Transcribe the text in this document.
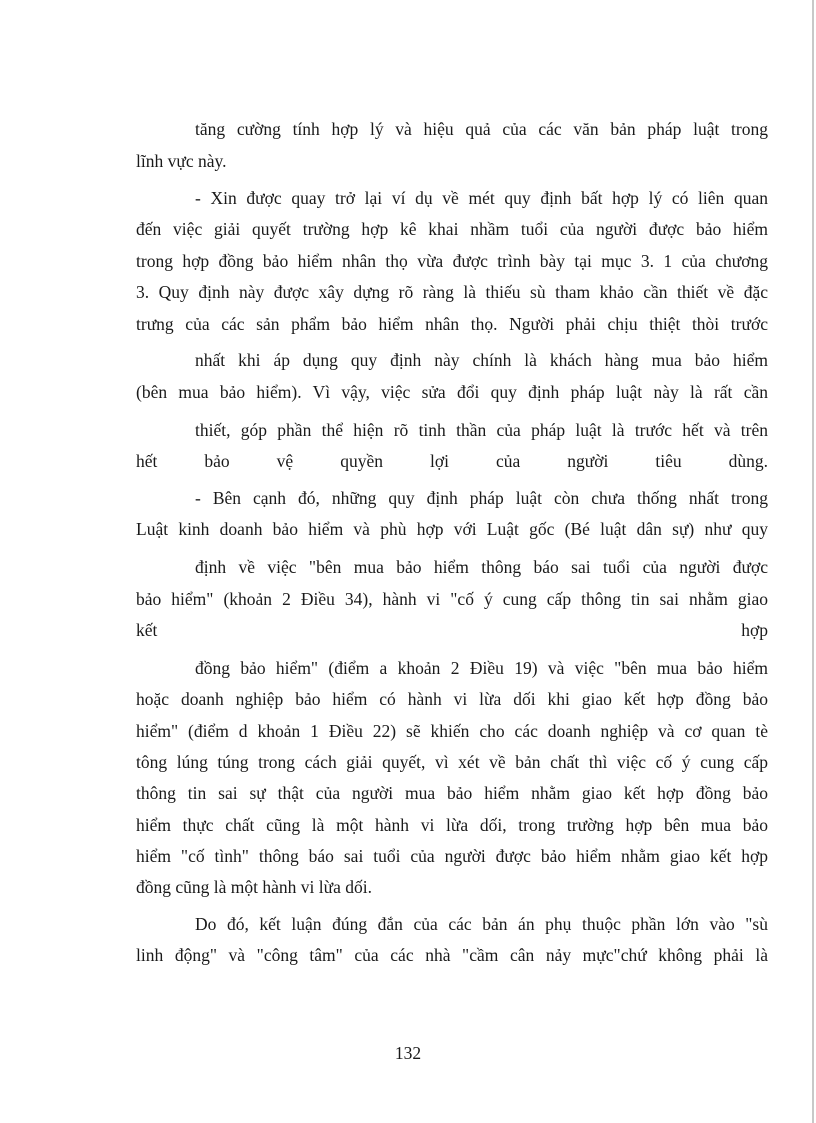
tăng cường tính hợp lý và hiệu quả của các văn bản pháp luật trong
lĩnh vực này.
- Xin được quay trở lại ví dụ về mét quy định bất hợp lý có liên quan
đến việc giải quyết trường hợp kê khai nhầm tuổi của người được bảo hiểm
trong hợp đồng bảo hiểm nhân thọ vừa được trình bày tại mục 3. 1 của chương
3. Quy định này được xây dựng rõ ràng là thiếu sù tham khảo cần thiết về đặc
trưng của các sản phẩm bảo hiểm nhân thọ. Người phải chịu thiệt thòi trước
nhất khi áp dụng quy định này chính là khách hàng mua bảo hiểm
(bên mua bảo hiểm). Vì vậy, việc sửa đổi quy định pháp luật này là rất cần
thiết, góp phần thể hiện rõ tinh thần của pháp luật là trước hết và trên
hết bảo vệ quyền lợi của người tiêu dùng.
- Bên cạnh đó, những quy định pháp luật còn chưa thống nhất trong
Luật kinh doanh bảo hiểm và phù hợp với Luật gốc (Bé luật dân sự) như quy
định về việc "bên mua bảo hiểm thông báo sai tuổi của người được
bảo hiểm" (khoản 2 Điều 34), hành vi "cố ý cung cấp thông tin sai nhằm giao
kết hợp
đồng bảo hiểm" (điểm a khoản 2 Điều 19) và việc "bên mua bảo hiểm
hoặc doanh nghiệp bảo hiểm có hành vi lừa dối khi giao kết hợp đồng bảo
hiểm" (điểm d khoản 1 Điều 22) sẽ khiến cho các doanh nghiệp và cơ quan tè
tông lúng túng trong cách giải quyết, vì xét về bản chất thì việc cố ý cung cấp
thông tin sai sự thật của người mua bảo hiểm nhằm giao kết hợp đồng bảo
hiểm thực chất cũng là một hành vi lừa dối, trong trường hợp bên mua bảo
hiểm "cố tình" thông báo sai tuổi của người được bảo hiểm nhằm giao kết hợp
đồng cũng là một hành vi lừa dối.
Do đó, kết luận đúng đắn của các bản án phụ thuộc phần lớn vào "sù
linh động" và "công tâm" của các nhà "cầm cân nảy mực"chứ không phải là
132
